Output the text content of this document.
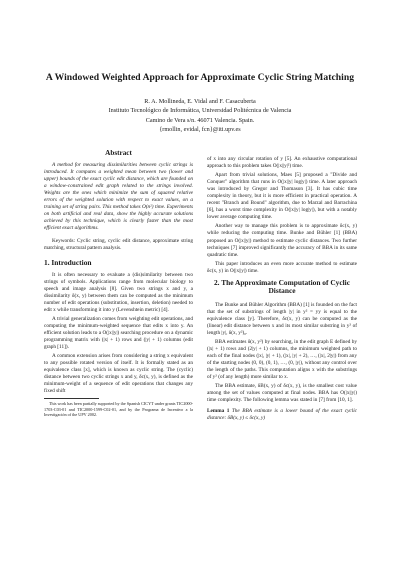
A Windowed Weighted Approach for Approximate Cyclic String Matching
R. A. Mollineda, E. Vidal and F. Casacuberta
Instituto Tecnológico de Informática, Universidad Politécnica de Valencia
Camino de Vera s/n. 46071 Valencia. Spain.
{rmollin, evidal, fcn}@iti.upv.es
Abstract

A method for measuring dissimilarities between cyclic strings is introduced. It computes a weighted mean between two (lower and upper) bounds of the exact cyclic edit distance, which are founded on a window-constrained edit graph related to the strings involved. Weights are the ones which minimize the sum of squared relative errors of the weighted solution with respect to exact values, on a training set of string pairs. This method takes O(n²) time. Experiments on both artificial and real data, show the highly accurate solutions achieved by this technique, which is clearly faster than the most efficient exact algorithms.

Keywords: Cyclic string, cyclic edit distance, approximate string matching, structural pattern analysis.

1. Introduction

It is often necessary to evaluate a (dis)similarity between two strings of symbols. Applications range from molecular biology to speech and image analysis [8]. Given two strings x and y, a dissimilarity δ(x, y) between them can be computed as the minimum number of edit operations (substitution, insertion, deletion) needed to edit x while transforming it into y (Levenshtein metric) [4].

A trivial generalization comes from weighting edit operations, and computing the minimum-weighted sequence that edits x into y. An efficient solution leads to a O(|x||y|) searching procedure on a dynamic programming matrix with (|x| + 1) rows and (|y| + 1) columns (edit graph [11]).

A common extension arises from considering a string x equivalent to any possible rotated version of itself. It is formally stated as an equivalence class [x], which is known as cyclic string. The (cyclic) distance between two cyclic strings x and y, δc(x, y), is defined as the minimum-weight of a sequence of edit operations that changes any fixed shift

This work has been partially supported by the Spanish CICYT under grants TIC2000-1703-C03-01 and TIC2000-1599-C02-01, and by the Programa de Incentivo a la Investigación of the UPV 2002.

of x into any circular rotation of y [5]. An exhaustive computational approach to this problem takes O(|x||y|²) time.

Apart from trivial solutions, Maes [5] proposed a "Divide and Conquer" algorithm that runs in O(|x||y| log|y|) time. A later approach was introduced by Gregor and Thomason [3]. It has cubic time complexity in theory, but it is more efficient in practical operation. A recent "Branch and Bound" algorithm, due to Marzal and Barrachina [6], has a worst time complexity in O(|x||y| log|y|), but with a notably lower average computing time.

Another way to manage this problem is to approximate δc(x, y) while reducing the computing time. Bunke and Bühler [1] (BBA) proposed an O(|x||y|) method to estimate cyclic distances. Two further techniques [7] improved significantly the accuracy of BBA in its same quadratic time.

This paper introduces an even more accurate method to estimate δc(x, y) in O(|x||y|) time.

2. The Approximate Computation of Cyclic Distance

The Bunke and Bühler Algorithm (BBA) [1] is founded on the fact that the set of substrings of length |y| in y² = yy is equal to the equivalence class [y]. Therefore, δc(x, y) can be computed as the (linear) edit distance between x and its most similar substring in y² of length |y|, δ(x, y²)₀.

BBA estimates δ(x, y²) by searching, in the edit graph E defined by (|x| + 1) rows and (2|y| + 1) columns, the minimum weighted path to each of the final nodes (|x|, |y| + 1), (|x|, |y| + 2), …, (|x|, 2|y|) from any of the starting nodes (0, 0), (0, 1), …, (0, |y|), without any control over the length of the paths. This computation aligns x with the substrings of y² (of any length) more similar to x.

The BBA estimate, δB(x, y) of δc(x, y), is the smallest cost value among the set of values computed at final nodes. BBA has O(|x||y|) time complexity. The following lemma was stated in [7] from [10, 1].

Lemma 1 The BBA estimate is a lower bound of the exact cyclic distance: δB(x, y) ≤ δc(x, y)
